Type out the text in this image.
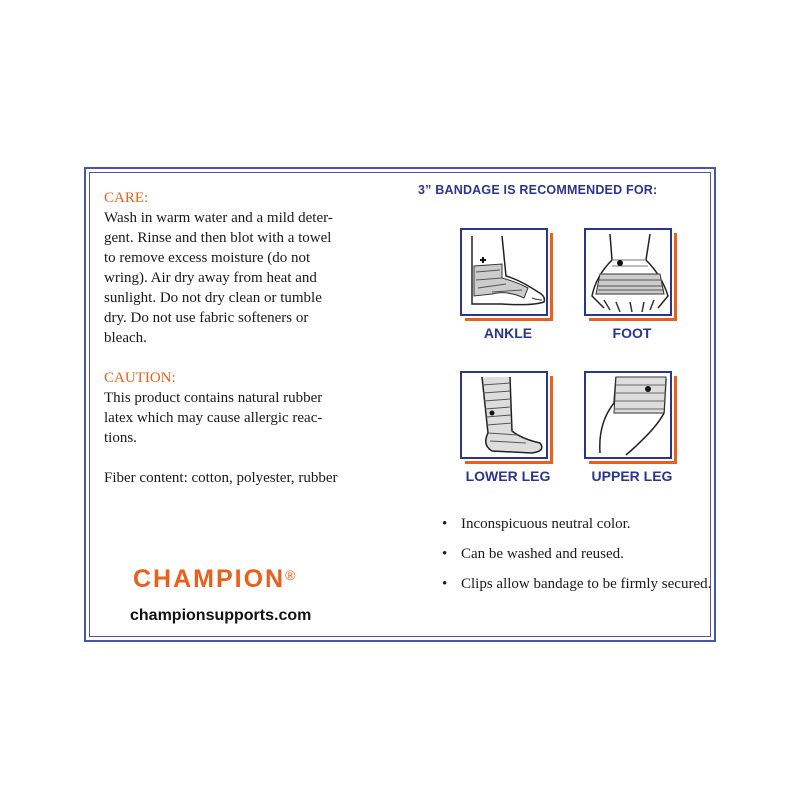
CARE:

Wash in warm water and a mild deter-
gent. Rinse and then blot with a towel
to remove excess moisture (do not
wring). Air dry away from heat and
sunlight. Do not dry clean or tumble
dry. Do not use fabric softeners or
bleach.

CAUTION:

This product contains natural rubber
latex which may cause allergic reac-
tions.
Fiber content: cotton, polyester, rubber
CHAMPION®
championsupports.com
3” BANDAGE IS RECOMMENDED FOR:
ANKLE	FOOT
LOWER LEG	UPPER LEG
• Inconspicuous neutral color.
• Can be washed and reused.
• Clips allow bandage to be firmly secured.
